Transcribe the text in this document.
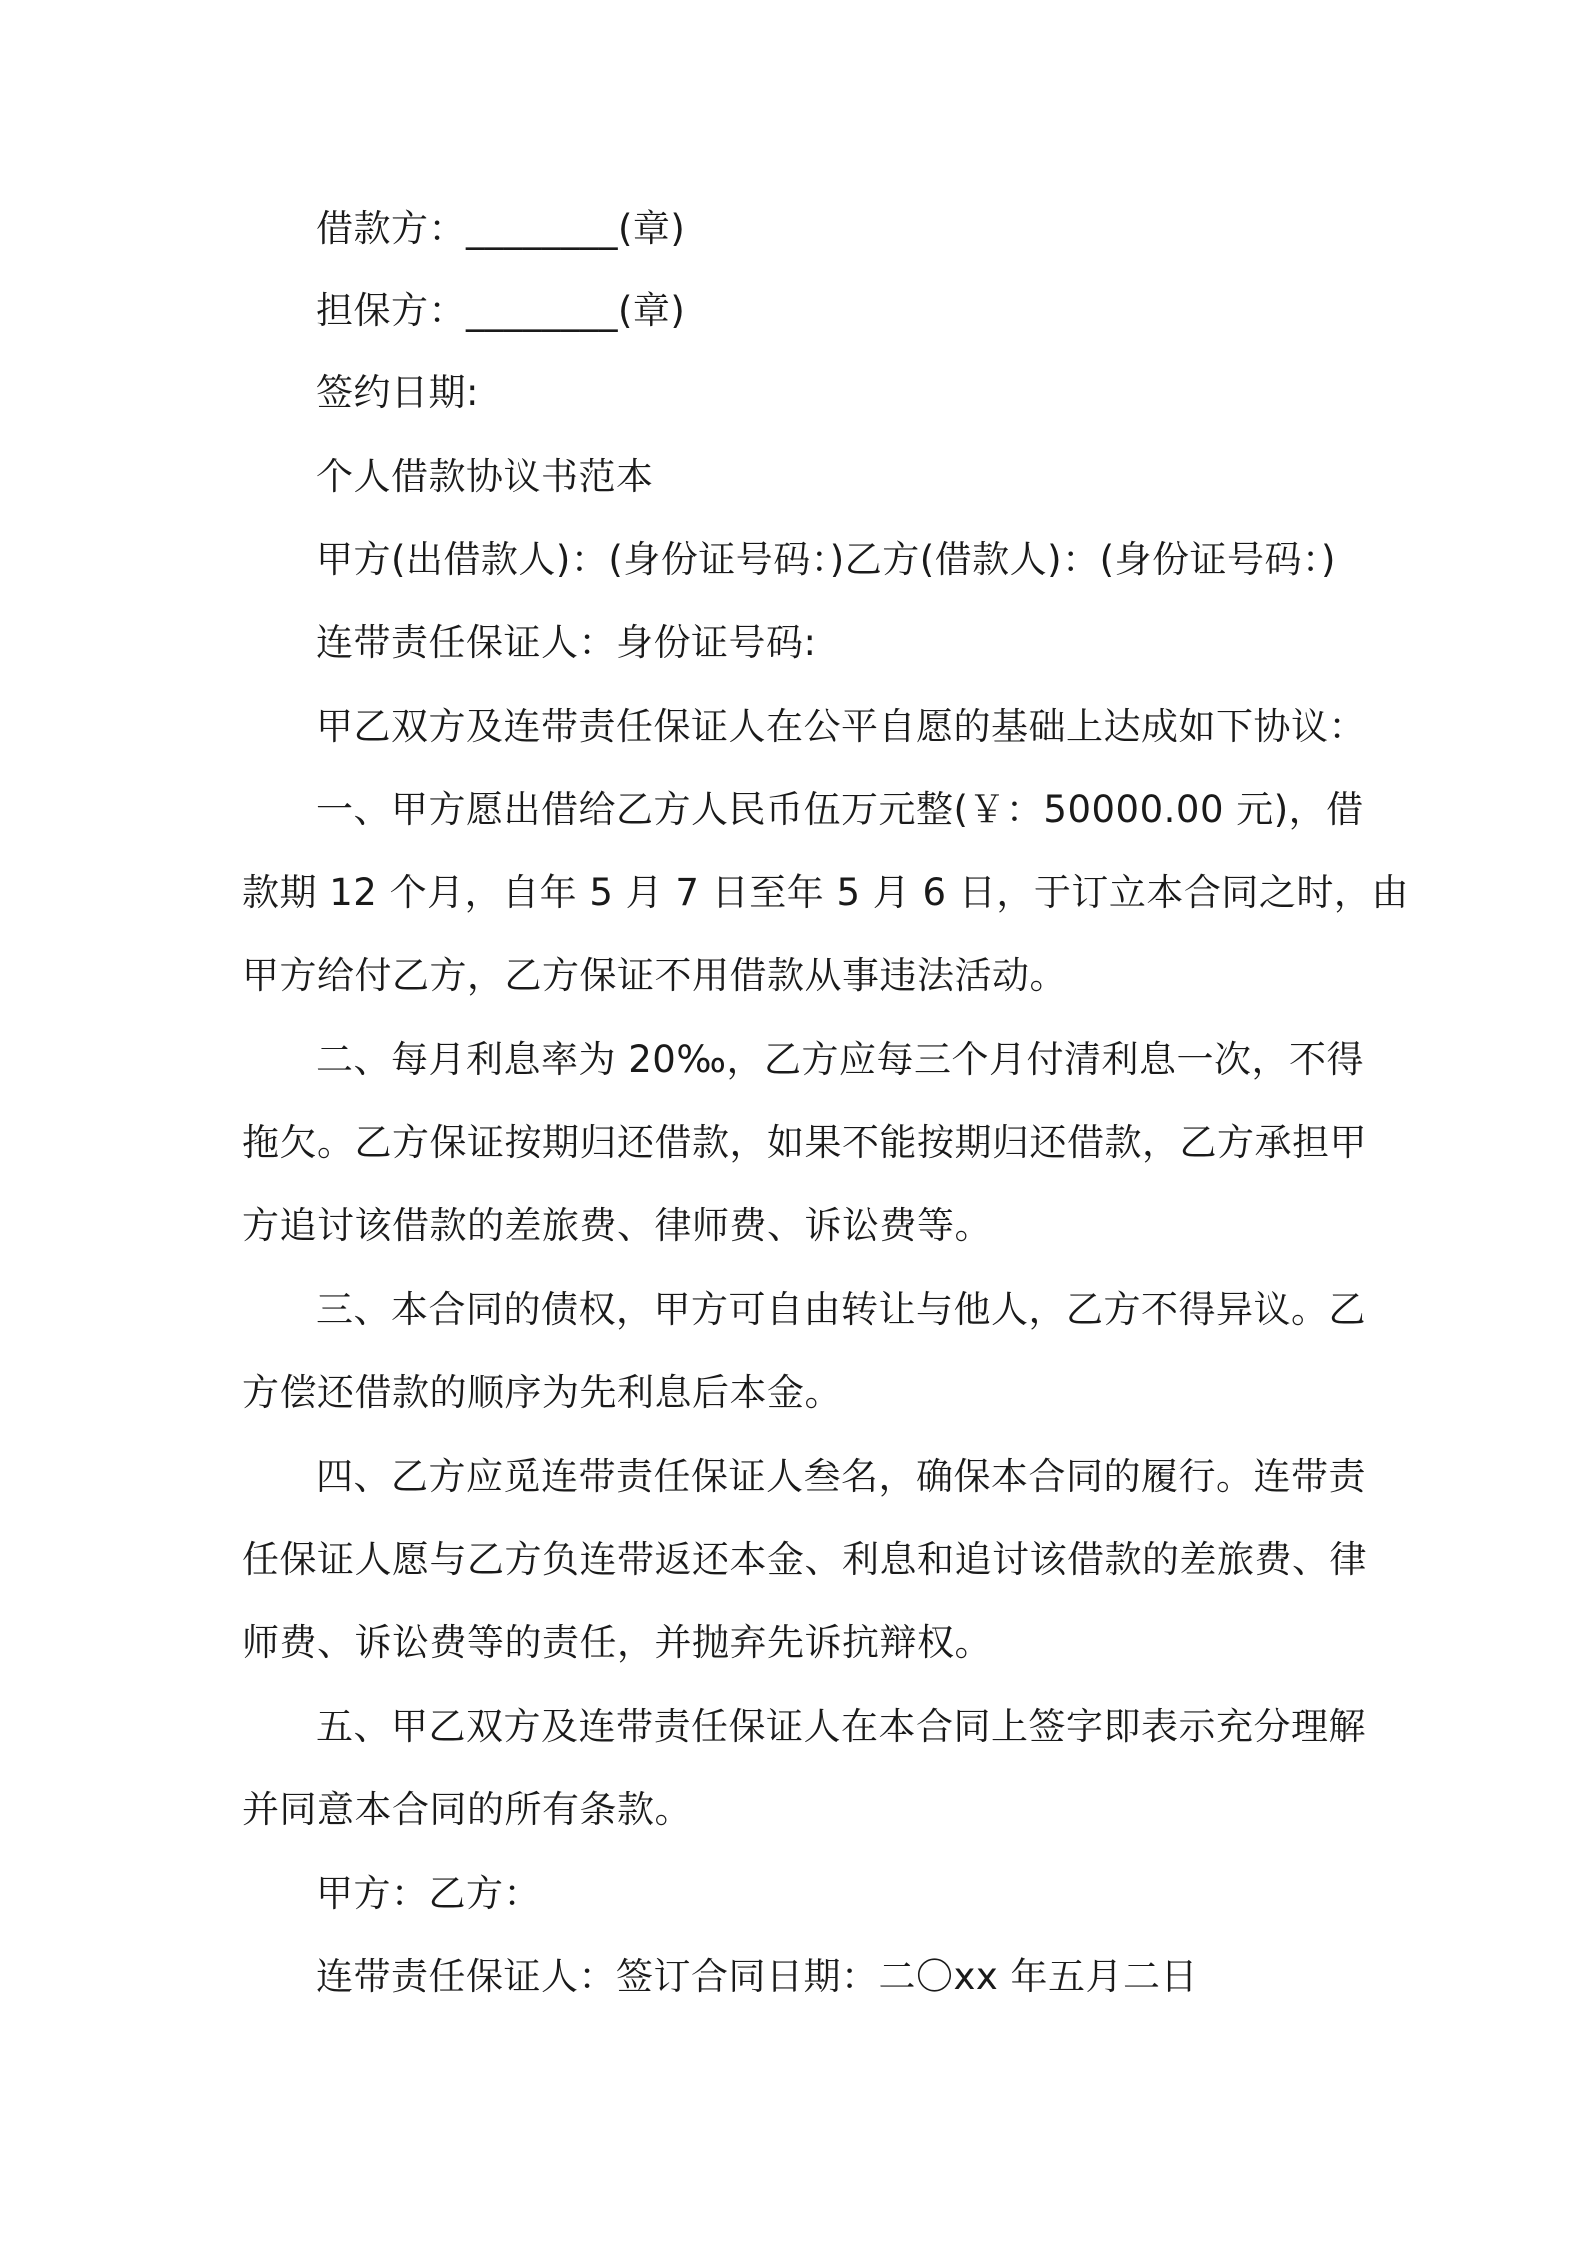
借款方：________(章)
担保方：________(章)
签约日期:
个人借款协议书范本
甲方(出借款人)：(身份证号码：)乙方(借款人)：(身份证号码：)
连带责任保证人：身份证号码:
甲乙双方及连带责任保证人在公平自愿的基础上达成如下协议：
一、甲方愿出借给乙方人民币伍万元整(￥：50000.00 元)，借
款期 12 个月，自年 5 月 7 日至年 5 月 6 日，于订立本合同之时，由
甲方给付乙方，乙方保证不用借款从事违法活动。
二、每月利息率为 20‰，乙方应每三个月付清利息一次，不得
拖欠。乙方保证按期归还借款，如果不能按期归还借款，乙方承担甲
方追讨该借款的差旅费、律师费、诉讼费等。
三、本合同的债权，甲方可自由转让与他人，乙方不得异议。乙
方偿还借款的顺序为先利息后本金。
四、乙方应觅连带责任保证人叁名，确保本合同的履行。连带责
任保证人愿与乙方负连带返还本金、利息和追讨该借款的差旅费、律
师费、诉讼费等的责任，并抛弃先诉抗辩权。
五、甲乙双方及连带责任保证人在本合同上签字即表示充分理解
并同意本合同的所有条款。
甲方：乙方：
连带责任保证人：签订合同日期：二〇xx 年五月二日
